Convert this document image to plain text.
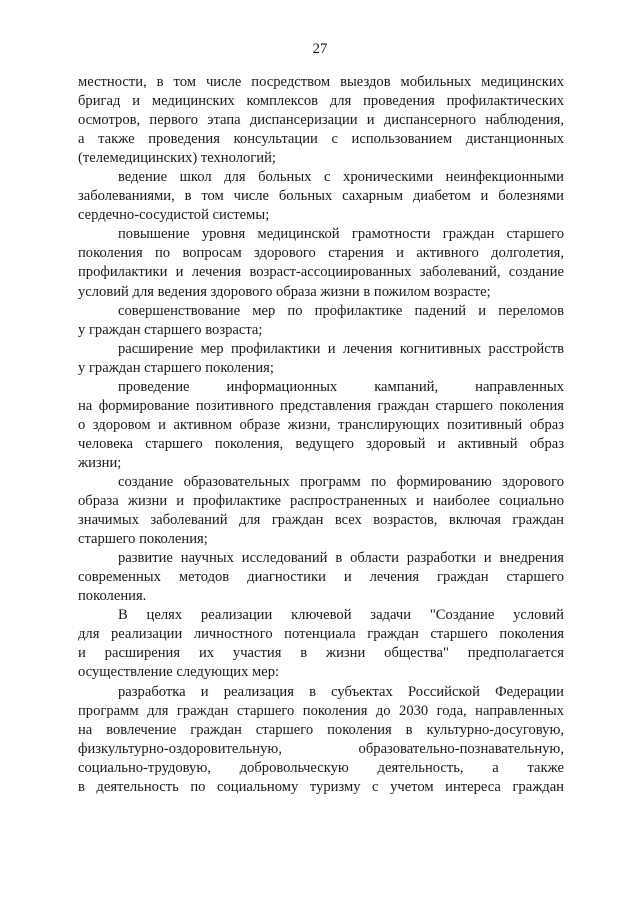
27
местности, в том числе посредством выездов мобильных медицинских
бригад и медицинских комплексов для проведения профилактических
осмотров, первого этапа диспансеризации и диспансерного наблюдения,
а также проведения консультации с использованием дистанционных
(телемедицинских) технологий;
ведение школ для больных с хроническими неинфекционными
заболеваниями, в том числе больных сахарным диабетом и болезнями
сердечно-сосудистой системы;
повышение уровня медицинской грамотности граждан старшего
поколения по вопросам здорового старения и активного долголетия,
профилактики и лечения возраст-ассоциированных заболеваний, создание
условий для ведения здорового образа жизни в пожилом возрасте;
совершенствование мер по профилактике падений и переломов
у граждан старшего возраста;
расширение мер профилактики и лечения когнитивных расстройств
у граждан старшего поколения;
проведение информационных кампаний, направленных
на формирование позитивного представления граждан старшего поколения
о здоровом и активном образе жизни, транслирующих позитивный образ
человека старшего поколения, ведущего здоровый и активный образ
жизни;
создание образовательных программ по формированию здорового
образа жизни и профилактике распространенных и наиболее социально
значимых заболеваний для граждан всех возрастов, включая граждан
старшего поколения;
развитие научных исследований в области разработки и внедрения
современных методов диагностики и лечения граждан старшего
поколения.
В целях реализации ключевой задачи "Создание условий
для реализации личностного потенциала граждан старшего поколения
и расширения их участия в жизни общества" предполагается
осуществление следующих мер:
разработка и реализация в субъектах Российской Федерации
программ для граждан старшего поколения до 2030 года, направленных
на вовлечение граждан старшего поколения в культурно-досуговую,
физкультурно-оздоровительную, образовательно-познавательную,
социально-трудовую, добровольческую деятельность, а также
в деятельность по социальному туризму с учетом интереса граждан
